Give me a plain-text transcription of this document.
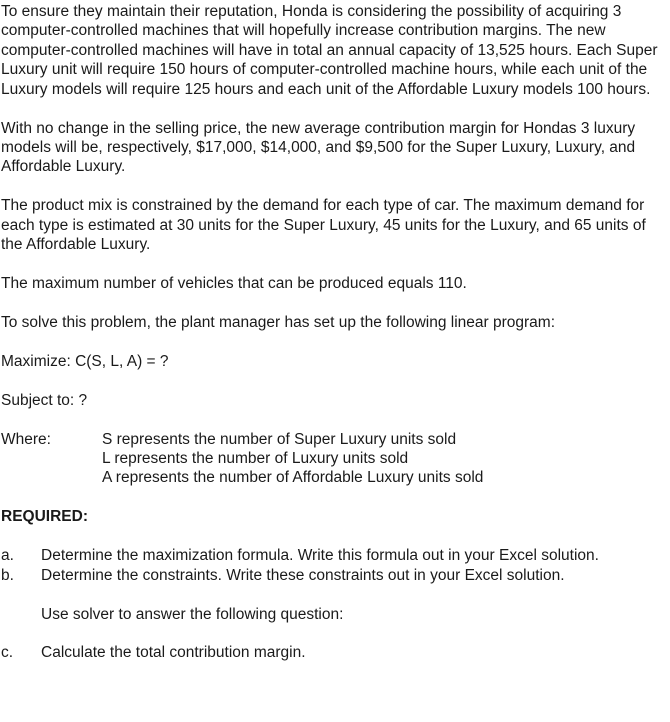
To ensure they maintain their reputation, Honda is considering the possibility of acquiring 3 computer-controlled machines that will hopefully increase contribution margins. The new computer-controlled machines will have in total an annual capacity of 13,525 hours. Each Super Luxury unit will require 150 hours of computer-controlled machine hours, while each unit of the Luxury models will require 125 hours and each unit of the Affordable Luxury models 100 hours.

With no change in the selling price, the new average contribution margin for Hondas 3 luxury models will be, respectively, $17,000, $14,000, and $9,500 for the Super Luxury, Luxury, and Affordable Luxury.

The product mix is constrained by the demand for each type of car. The maximum demand for each type is estimated at 30 units for the Super Luxury, 45 units for the Luxury, and 65 units of the Affordable Luxury.

The maximum number of vehicles that can be produced equals 110.

To solve this problem, the plant manager has set up the following linear program:

Maximize: C(S, L, A) = ?

Subject to: ?

Where:	S represents the number of Super Luxury units sold
L represents the number of Luxury units sold
A represents the number of Affordable Luxury units sold

REQUIRED:

a.	Determine the maximization formula. Write this formula out in your Excel solution.
b.	Determine the constraints. Write these constraints out in your Excel solution.

Use solver to answer the following question:

c.	Calculate the total contribution margin.
